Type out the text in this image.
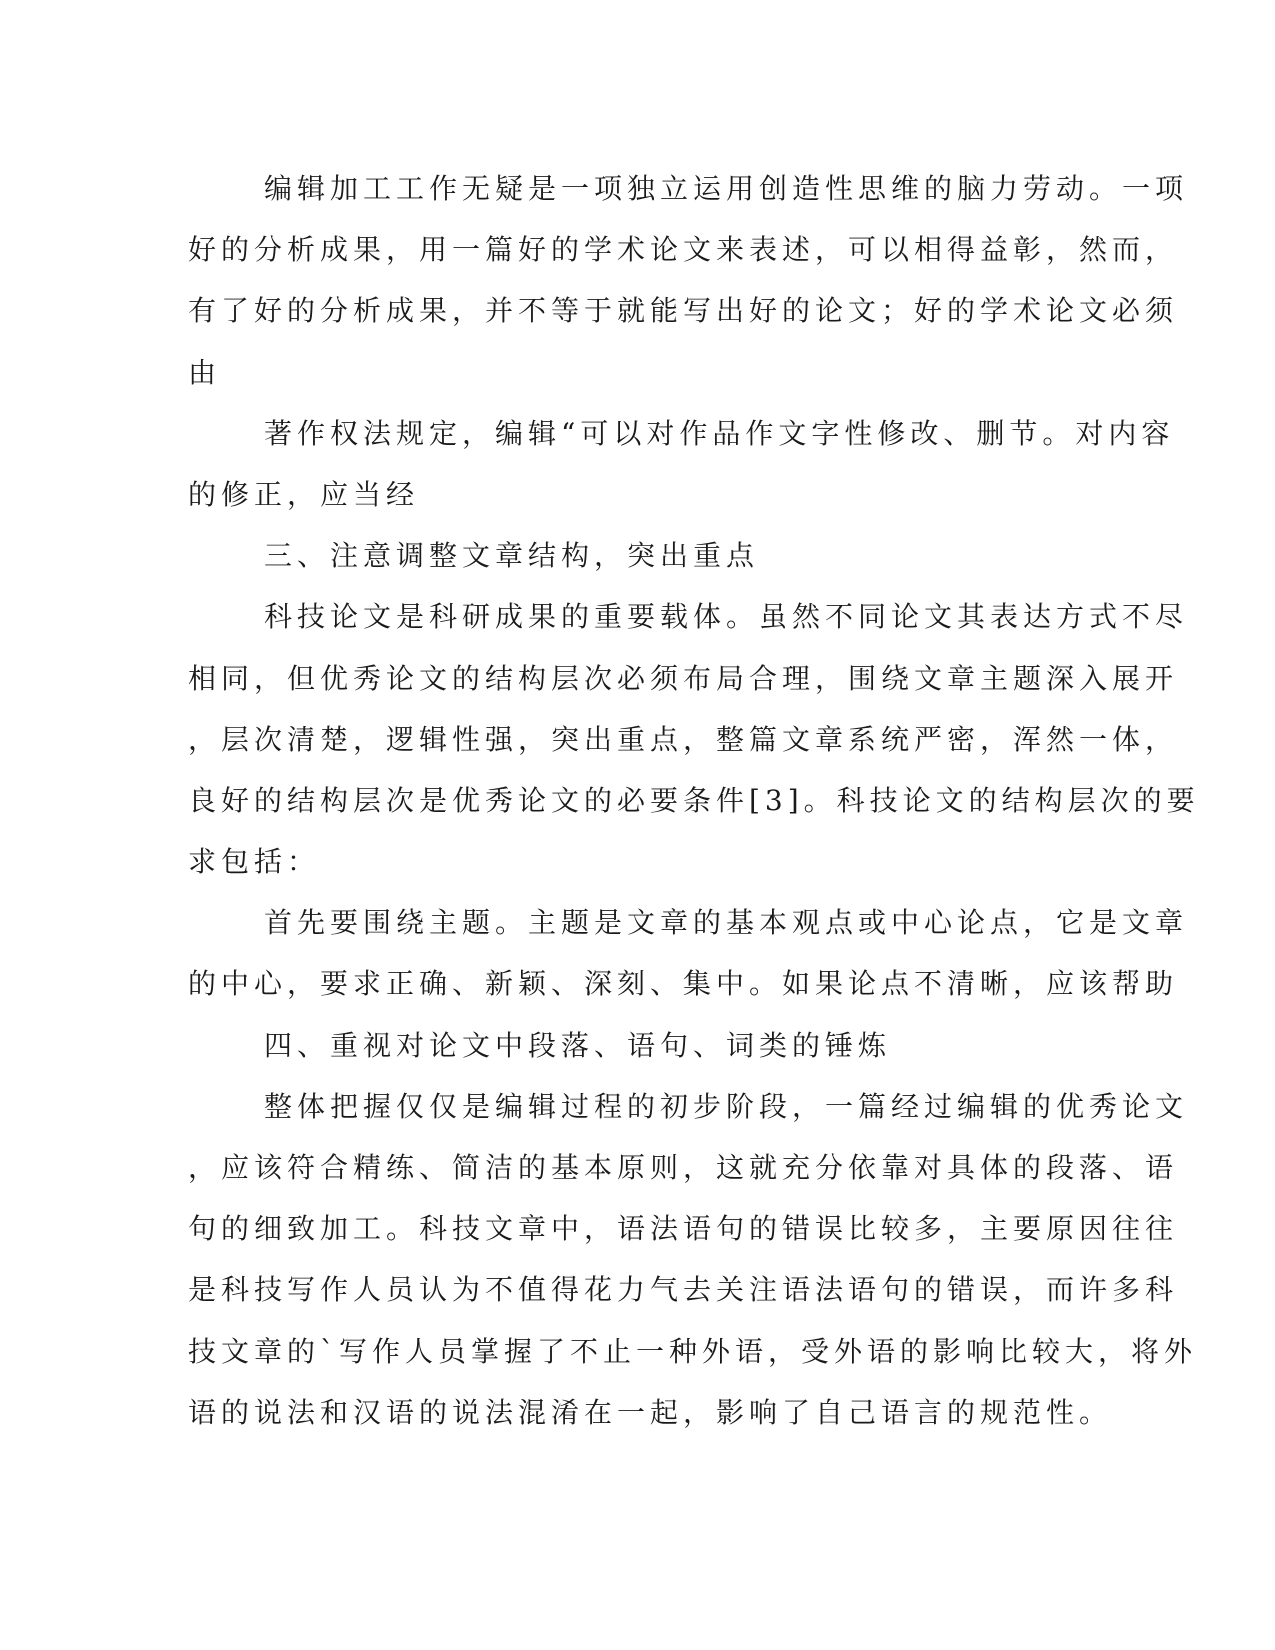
编辑加工工作无疑是一项独立运用创造性思维的脑力劳动。一项
好的分析成果，用一篇好的学术论文来表述，可以相得益彰，然而，
有了好的分析成果，并不等于就能写出好的论文；好的学术论文必须
由
著作权法规定，编辑“可以对作品作文字性修改、删节。对内容
的修正，应当经
三、注意调整文章结构，突出重点
科技论文是科研成果的重要载体。虽然不同论文其表达方式不尽
相同，但优秀论文的结构层次必须布局合理，围绕文章主题深入展开
，层次清楚，逻辑性强，突出重点，整篇文章系统严密，浑然一体，
良好的结构层次是优秀论文的必要条件[3]。科技论文的结构层次的要
求包括：
首先要围绕主题。主题是文章的基本观点或中心论点，它是文章
的中心，要求正确、新颖、深刻、集中。如果论点不清晰，应该帮助
四、重视对论文中段落、语句、词类的锤炼
整体把握仅仅是编辑过程的初步阶段，一篇经过编辑的优秀论文
，应该符合精练、简洁的基本原则，这就充分依靠对具体的段落、语
句的细致加工。科技文章中，语法语句的错误比较多，主要原因往往
是科技写作人员认为不值得花力气去关注语法语句的错误，而许多科
技文章的`写作人员掌握了不止一种外语，受外语的影响比较大，将外
语的说法和汉语的说法混淆在一起，影响了自己语言的规范性。
